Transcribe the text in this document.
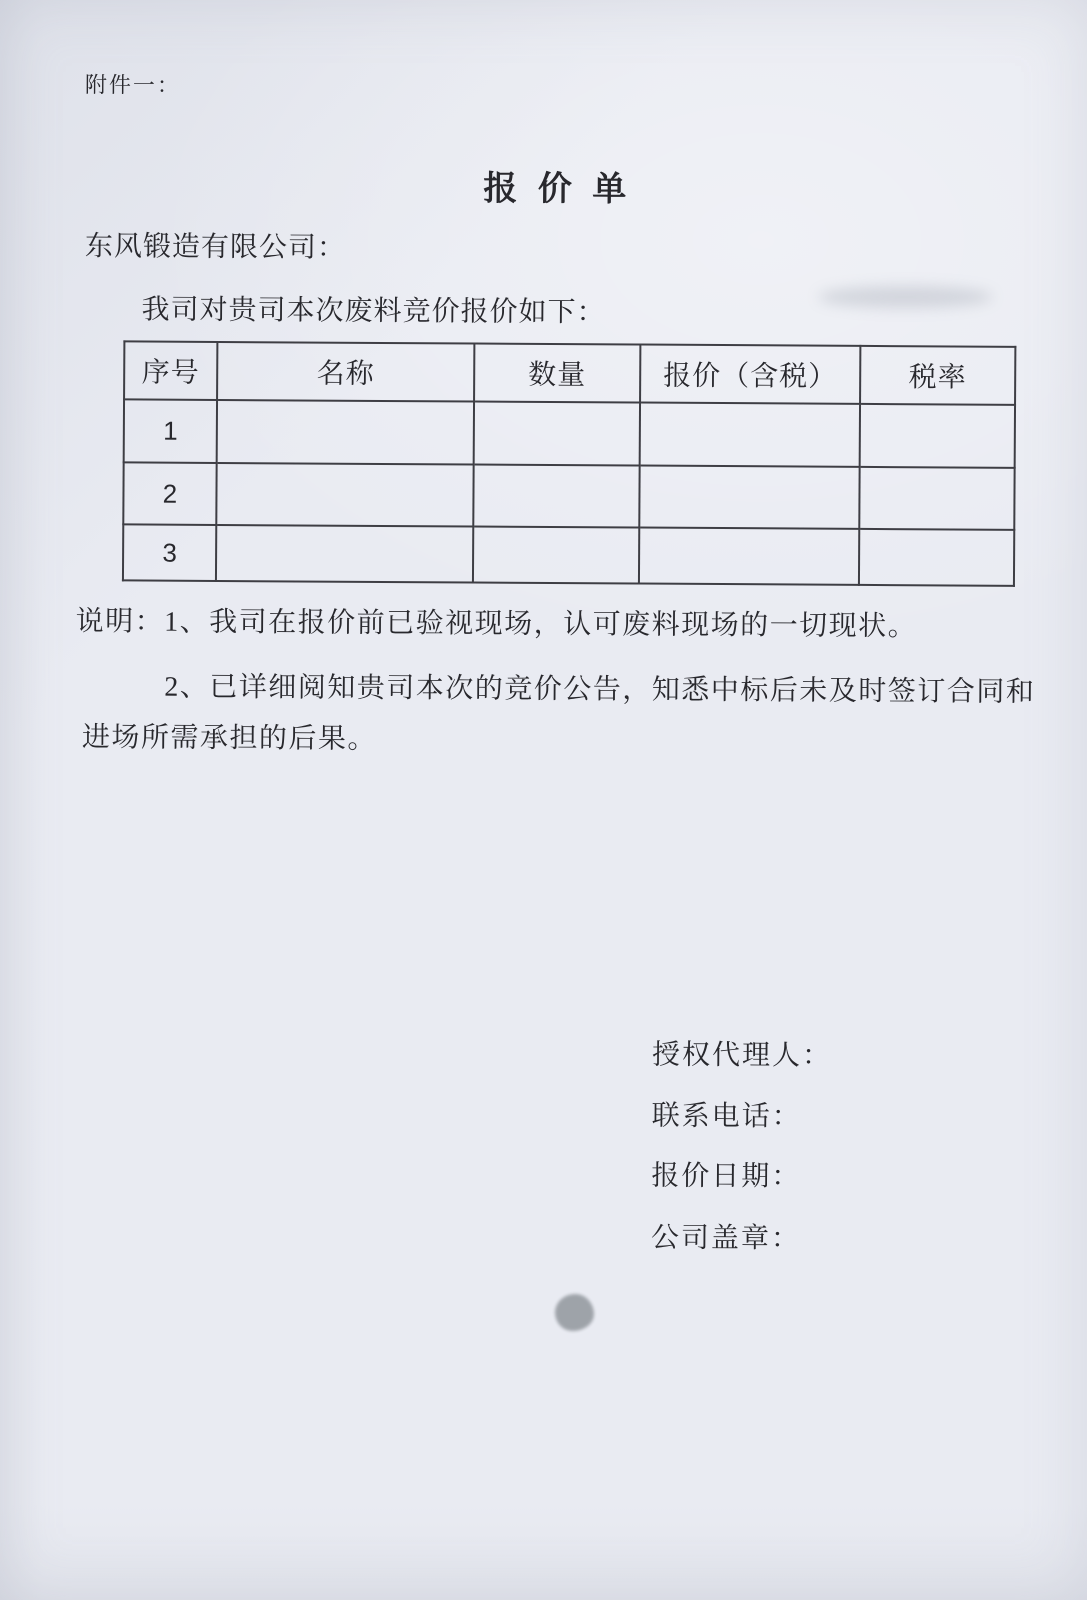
附件一：
报 价 单
东风锻造有限公司：
我司对贵司本次废料竞价报价如下：
序号	名称	数量	报价（含税）	税率
1				
2				
3				
说明：1、我司在报价前已验视现场，认可废料现场的一切现状。
2、已详细阅知贵司本次的竞价公告，知悉中标后未及时签订合同和
进场所需承担的后果。
授权代理人：
联系电话：
报价日期：
公司盖章：
